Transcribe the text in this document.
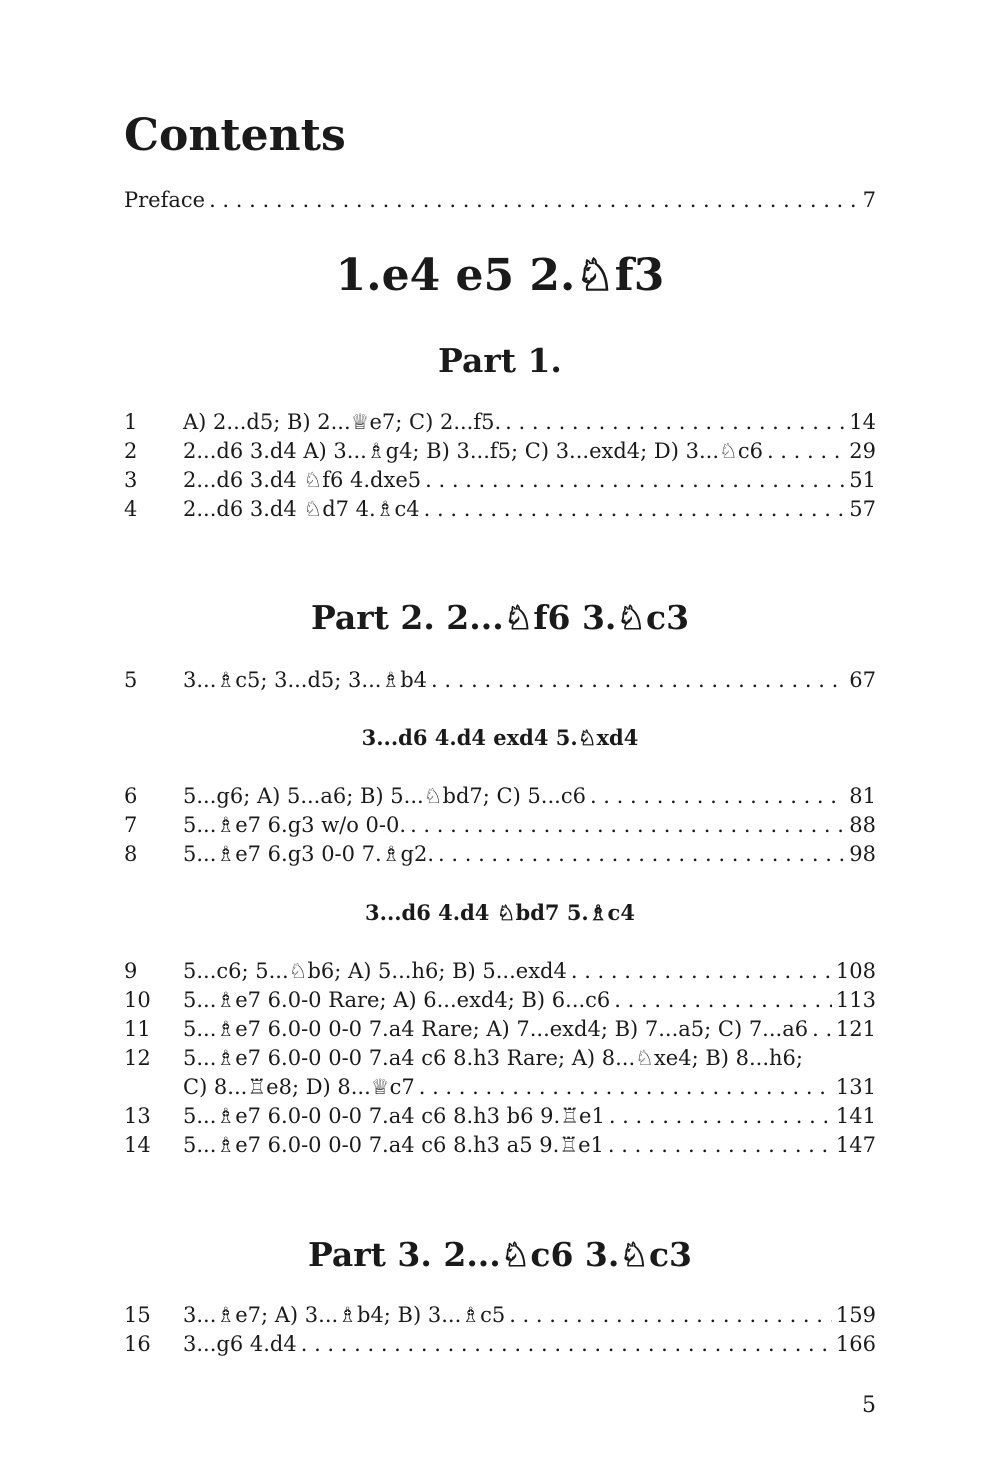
Contents
Preface . . .	7
1.e4 e5 2.♘f3
Part 1.
1	A) 2...d5; B) 2...♕e7; C) 2...f5. . . .	14
2	2...d6 3.d4 A) 3...♗g4; B) 3...f5; C) 3...exd4; D) 3...♘c6 . . .	29
3	2...d6 3.d4 ♘f6 4.dxe5 . . .	51
4	2...d6 3.d4 ♘d7 4.♗c4 . . .	57
Part 2. 2...♘f6 3.♘c3
5	3...♗c5; 3...d5; 3...♗b4 . . .	67
3...d6 4.d4 exd4 5.♘xd4
6	5...g6; A) 5...a6; B) 5...♘bd7; C) 5...c6 . . .	81
7	5...♗e7 6.g3 w/o 0-0. . . .	88
8	5...♗e7 6.g3 0-0 7.♗g2. . . .	98
3...d6 4.d4 ♘bd7 5.♗c4
9	5...c6; 5...♘b6; A) 5...h6; B) 5...exd4 . . .	108
10	5...♗e7 6.0-0 Rare; A) 6...exd4; B) 6...c6 . . .	113
11	5...♗e7 6.0-0 0-0 7.a4 Rare; A) 7...exd4; B) 7...a5; C) 7...a6 . . . 121
12	5...♗e7 6.0-0 0-0 7.a4 c6 8.h3 Rare; A) 8...♘xe4; B) 8...h6;
C) 8...♖e8; D) 8...♕c7 . . .	131
13	5...♗e7 6.0-0 0-0 7.a4 c6 8.h3 b6 9.♖e1 . . .	141
14	5...♗e7 6.0-0 0-0 7.a4 c6 8.h3 a5 9.♖e1 . . .	147
Part 3. 2...♘c6 3.♘c3
15	3...♗e7; A) 3...♗b4; B) 3...♗c5 . . .	159
16	3...g6 4.d4 . . .	166
5
